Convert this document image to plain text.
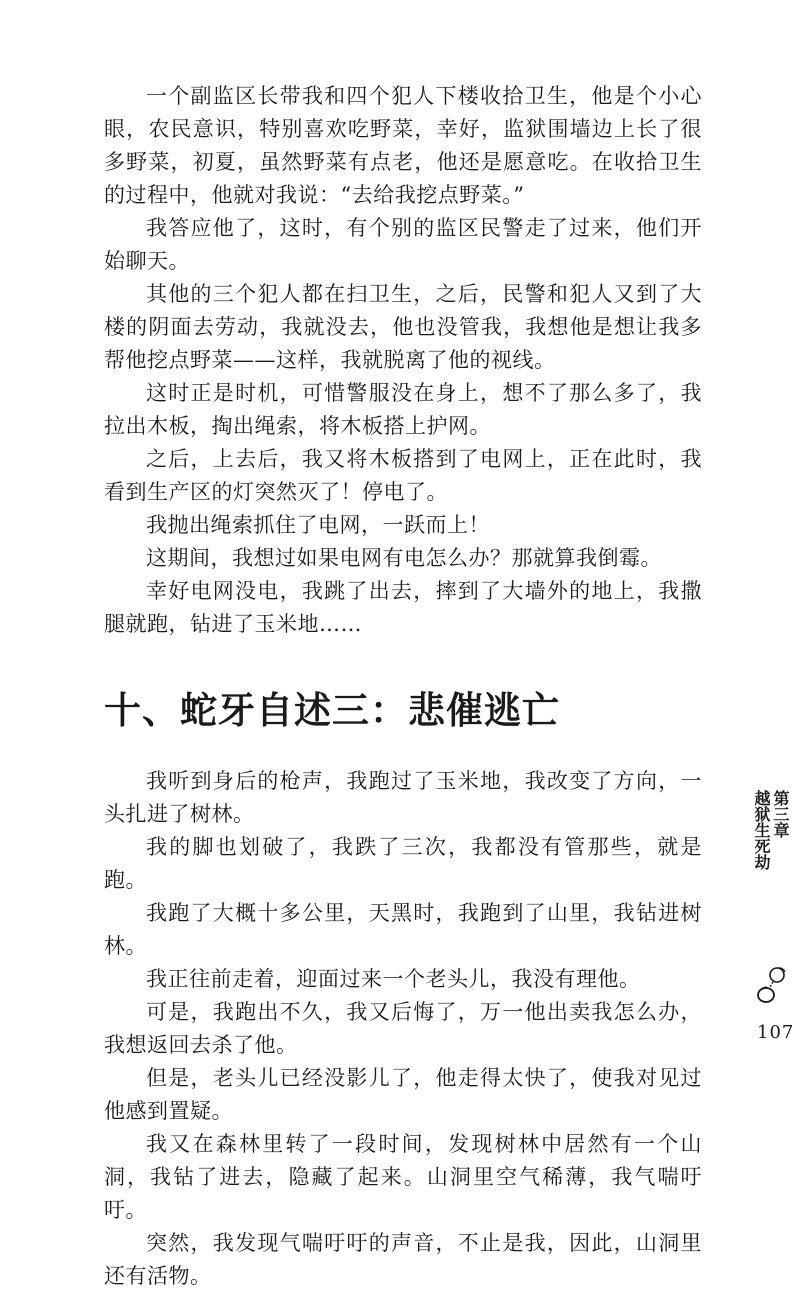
一个副监区长带我和四个犯人下楼收拾卫生，他是个小心眼，农民意识，特别喜欢吃野菜，幸好，监狱围墙边上长了很多野菜，初夏，虽然野菜有点老，他还是愿意吃。在收拾卫生的过程中，他就对我说：“去给我挖点野菜。”

我答应他了，这时，有个别的监区民警走了过来，他们开始聊天。

其他的三个犯人都在扫卫生，之后，民警和犯人又到了大楼的阴面去劳动，我就没去，他也没管我，我想他是想让我多帮他挖点野菜——这样，我就脱离了他的视线。

这时正是时机，可惜警服没在身上，想不了那么多了，我拉出木板，掏出绳索，将木板搭上护网。

之后，上去后，我又将木板搭到了电网上，正在此时，我看到生产区的灯突然灭了！停电了。

我抛出绳索抓住了电网，一跃而上！

这期间，我想过如果电网有电怎么办？那就算我倒霉。

幸好电网没电，我跳了出去，摔到了大墙外的地上，我撒腿就跑，钻进了玉米地……

十、蛇牙自述三：悲催逃亡

我听到身后的枪声，我跑过了玉米地，我改变了方向，一头扎进了树林。

我的脚也划破了，我跌了三次，我都没有管那些，就是跑。

我跑了大概十多公里，天黑时，我跑到了山里，我钻进树林。

我正往前走着，迎面过来一个老头儿，我没有理他。

可是，我跑出不久，我又后悔了，万一他出卖我怎么办，我想返回去杀了他。

但是，老头儿已经没影儿了，他走得太快了，使我对见过他感到置疑。

我又在森林里转了一段时间，发现树林中居然有一个山洞，我钻了进去，隐藏了起来。山洞里空气稀薄，我气喘吁吁。

突然，我发现气喘吁吁的声音，不止是我，因此，山洞里还有活物。

第三章
越狱生死劫
107
